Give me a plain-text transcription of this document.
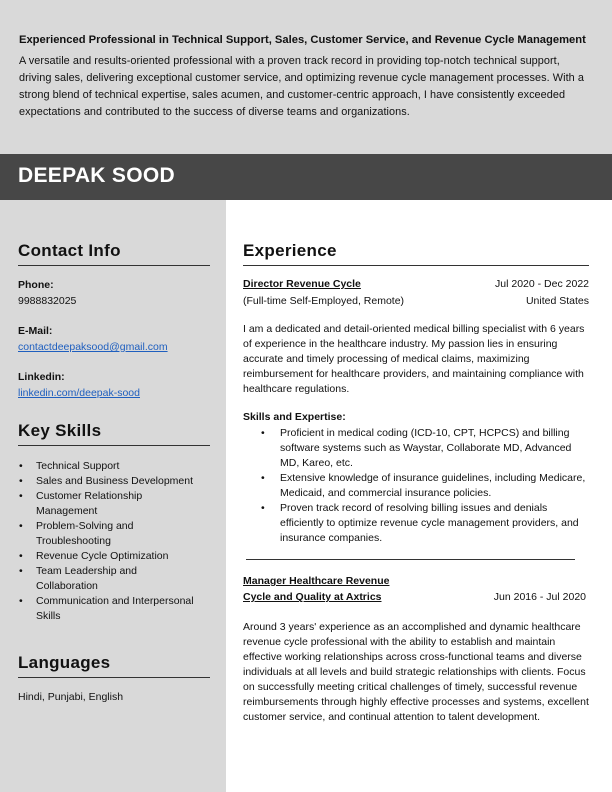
Experienced Professional in Technical Support, Sales, Customer Service, and Revenue Cycle Management
A versatile and results-oriented professional with a proven track record in providing top-notch technical support, driving sales, delivering exceptional customer service, and optimizing revenue cycle management processes. With a strong blend of technical expertise, sales acumen, and customer-centric approach, I have consistently exceeded expectations and contributed to the success of diverse teams and organizations.
DEEPAK SOOD
Contact Info
Phone:
9988832025
E-Mail:
contactdeepaksood@gmail.com
Linkedin:
linkedin.com/deepak-sood
Key Skills
• Technical Support
• Sales and Business Development
• Customer Relationship Management
• Problem-Solving and Troubleshooting
• Revenue Cycle Optimization
• Team Leadership and Collaboration
• Communication and Interpersonal Skills
Languages
Hindi, Punjabi, English
Experience
Director Revenue Cycle	Jul 2020 - Dec 2022
(Full-time Self-Employed, Remote)	United States
I am a dedicated and detail-oriented medical billing specialist with 6 years of experience in the healthcare industry. My passion lies in ensuring accurate and timely processing of medical claims, maximizing reimbursement for healthcare providers, and maintaining compliance with healthcare regulations.
Skills and Expertise:
• Proficient in medical coding (ICD-10, CPT, HCPCS) and billing software systems such as Waystar, Collaborate MD, Advanced MD, Kareo, etc.
• Extensive knowledge of insurance guidelines, including Medicare, Medicaid, and commercial insurance policies.
• Proven track record of resolving billing issues and denials efficiently to optimize revenue cycle management providers, and insurance companies.
Manager Healthcare Revenue
Cycle and Quality at Axtrics	Jun 2016 - Jul 2020
Around 3 years' experience as an accomplished and dynamic healthcare revenue cycle professional with the ability to establish and maintain effective working relationships across cross-functional teams and diverse individuals at all levels and build strategic relationships with clients. Focus on successfully meeting critical challenges of timely, successful revenue reimbursements through highly effective processes and systems, excellent customer service, and continual attention to talent development.
